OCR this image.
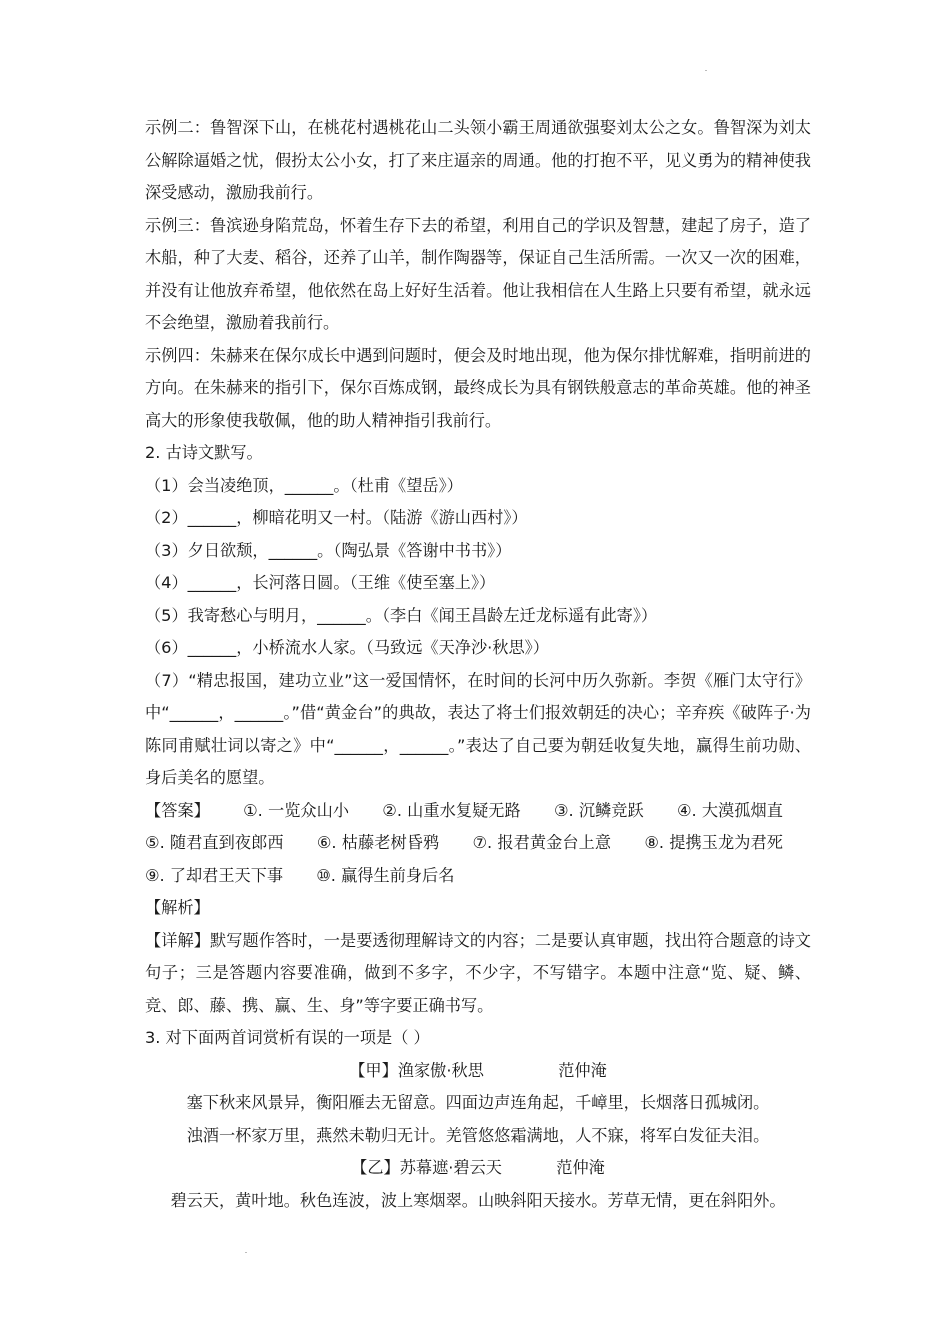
示例二：鲁智深下山，在桃花村遇桃花山二头领小霸王周通欲强娶刘太公之女。鲁智深为刘太公解除逼婚之忧，假扮太公小女，打了来庄逼亲的周通。他的打抱不平，见义勇为的精神使我深受感动，激励我前行。

示例三：鲁滨逊身陷荒岛，怀着生存下去的希望，利用自己的学识及智慧，建起了房子，造了木船，种了大麦、稻谷，还养了山羊，制作陶器等，保证自己生活所需。一次又一次的困难，并没有让他放弃希望，他依然在岛上好好生活着。他让我相信在人生路上只要有希望，就永远不会绝望，激励着我前行。

示例四：朱赫来在保尔成长中遇到问题时，便会及时地出现，他为保尔排忧解难，指明前进的方向。在朱赫来的指引下，保尔百炼成钢，最终成长为具有钢铁般意志的革命英雄。他的神圣高大的形象使我敬佩，他的助人精神指引我前行。

2. 古诗文默写。

（1）会当凌绝顶，______。（杜甫《望岳》）

（2）______，柳暗花明又一村。（陆游《游山西村》）

（3）夕日欲颓，______。（陶弘景《答谢中书书》）

（4）______，长河落日圆。（王维《使至塞上》）

（5）我寄愁心与明月，______。（李白《闻王昌龄左迁龙标遥有此寄》）

（6）______，小桥流水人家。（马致远《天净沙·秋思》）

（7）“精忠报国，建功立业”这一爱国情怀，在时间的长河中历久弥新。李贺《雁门太守行》中“______，______。”借“黄金台”的典故，表达了将士们报效朝廷的决心；辛弃疾《破阵子·为陈同甫赋壮词以寄之》中“______，______。”表达了自己要为朝廷收复失地，赢得生前功勋、身后美名的愿望。

【答案】 ①. 一览众山小 ②. 山重水复疑无路 ③. 沉鳞竞跃 ④. 大漠孤烟直 ⑤. 随君直到夜郎西 ⑥. 枯藤老树昏鸦 ⑦. 报君黄金台上意 ⑧. 提携玉龙为君死 ⑨. 了却君王天下事 ⑩. 赢得生前身后名

【解析】

【详解】默写题作答时，一是要透彻理解诗文的内容；二是要认真审题，找出符合题意的诗文句子；三是答题内容要准确，做到不多字，不少字，不写错字。本题中注意“览、疑、鳞、竞、郎、藤、携、赢、生、身”等字要正确书写。

3. 对下面两首词赏析有误的一项是（ ）

【甲】渔家傲·秋思	范仲淹

塞下秋来风景异，衡阳雁去无留意。四面边声连角起，千嶂里，长烟落日孤城闭。

浊酒一杯家万里，燕然未勒归无计。羌管悠悠霜满地，人不寐，将军白发征夫泪。

【乙】苏幕遮·碧云天	范仲淹

碧云天，黄叶地。秋色连波，波上寒烟翠。山映斜阳天接水。芳草无情，更在斜阳外。
